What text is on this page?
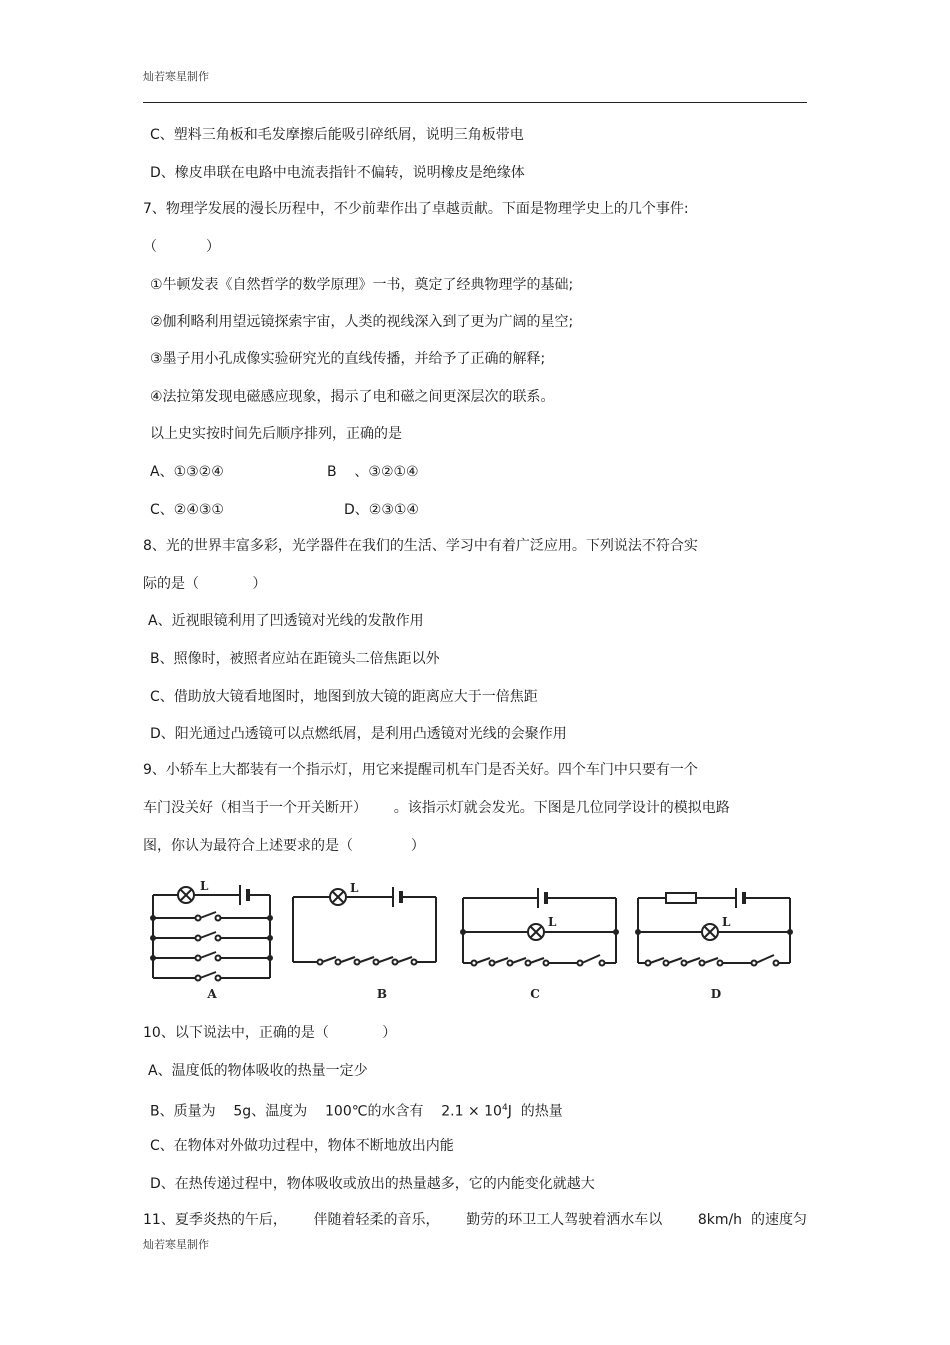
灿若寒星制作
C、塑料三角板和毛发摩擦后能吸引碎纸屑，说明三角板带电
D、橡皮串联在电路中电流表指针不偏转，说明橡皮是绝缘体
7、物理学发展的漫长历程中，不少前辈作出了卓越贡献。下面是物理学史上的几个事件:
（           ）
①牛顿发表《自然哲学的数学原理》一书，奠定了经典物理学的基础;
②伽利略利用望远镜探索宇宙，人类的视线深入到了更为广阔的星空;
③墨子用小孔成像实验研究光的直线传播，并给予了正确的解释;
④法拉第发现电磁感应现象，揭示了电和磁之间更深层次的联系。
以上史实按时间先后顺序排列，正确的是
A、①③②④	B    、③②①④
C、②④③①	D、②③①④
8、光的世界丰富多彩，光学器件在我们的生活、学习中有着广泛应用。下列说法不符合实
际的是（            ）
A、近视眼镜利用了凹透镜对光线的发散作用
B、照像时，被照者应站在距镜头二倍焦距以外
C、借助放大镜看地图时，地图到放大镜的距离应大于一倍焦距
D、阳光通过凸透镜可以点燃纸屑，是利用凸透镜对光线的会聚作用
9、小轿车上大都装有一个指示灯，用它来提醒司机车门是否关好。四个车门中只要有一个
车门没关好（相当于一个开关断开）      。该指示灯就会发光。下图是几位同学设计的模拟电路
图，你认为最符合上述要求的是（             ）
L	L
L	L
A	B	C	D
10、以下说法中，正确的是（            ）
A、温度低的物体吸收的热量一定少
B、质量为    5g、温度为    100℃的水含有    $2.1 \times 10^4J$  的热量
C、在物体对外做功过程中，物体不断地放出内能
D、在热传递过程中，物体吸收或放出的热量越多，它的内能变化就越大
11、夏季炎热的午后，      伴随着轻柔的音乐，      勤劳的环卫工人驾驶着洒水车以        8km/h  的速度匀
灿若寒星制作
